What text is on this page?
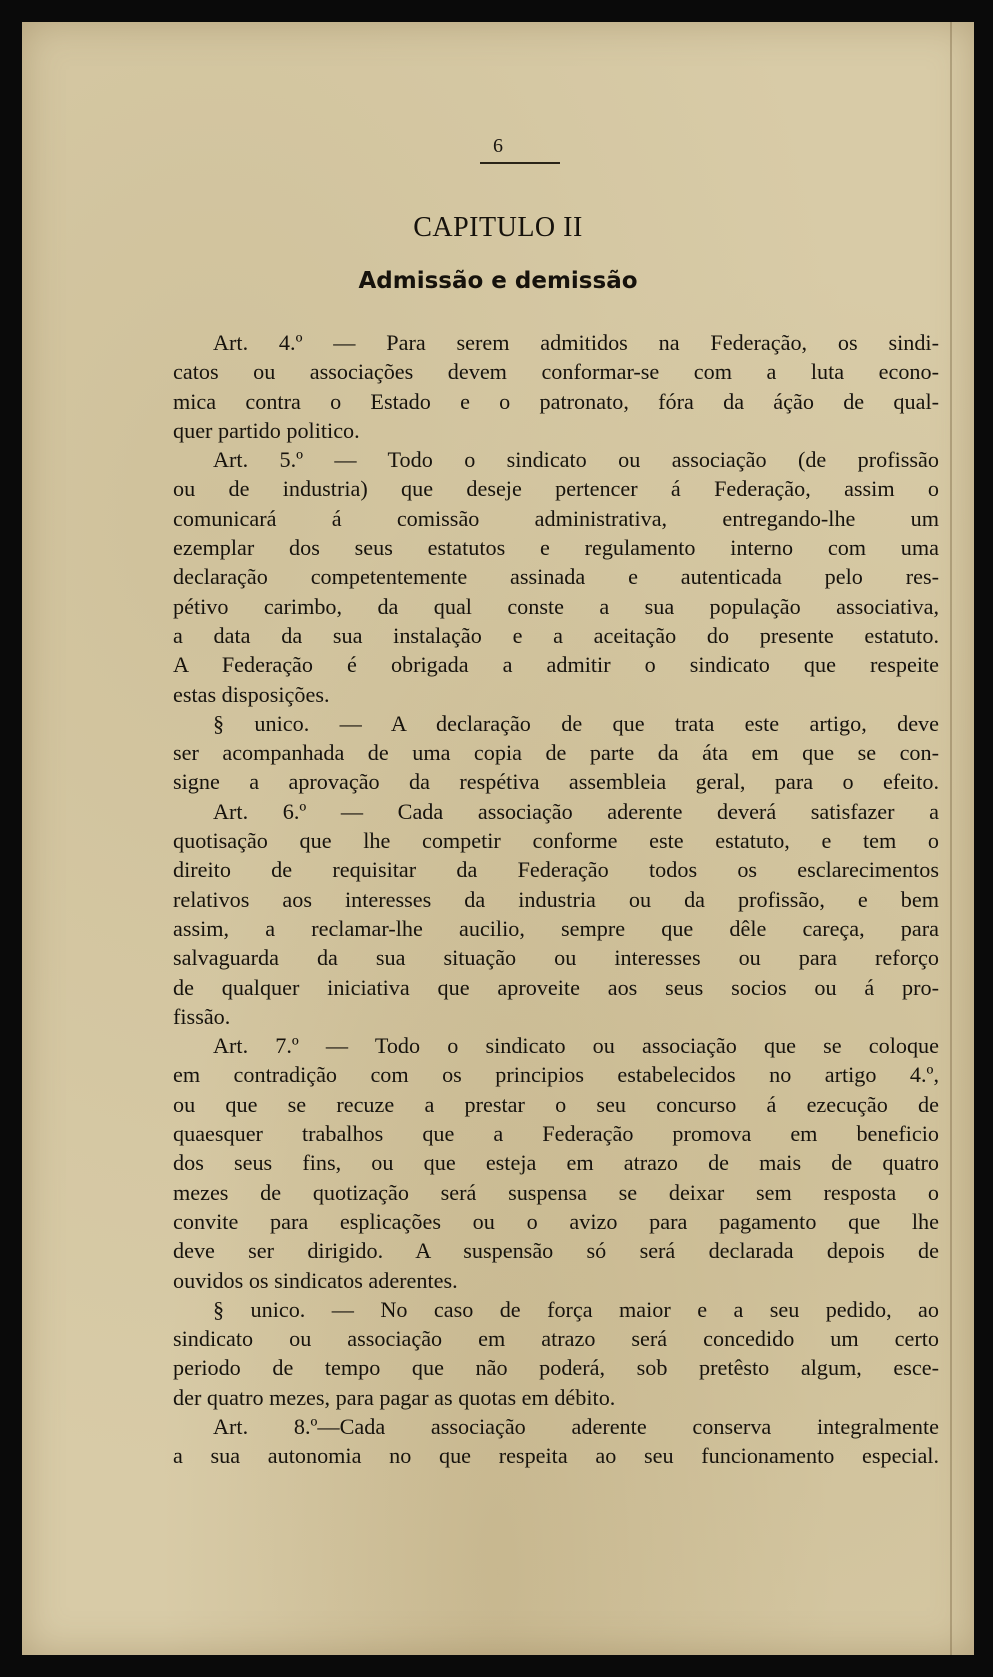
6
CAPITULO II
Admissão e demissão
Art. 4.º — Para serem admitidos na Federação, os sindi-
catos ou associações devem conformar-se com a luta econo-
mica contra o Estado e o patronato, fóra da áção de qual-
quer partido politico.
Art. 5.º — Todo o sindicato ou associação (de profissão
ou de industria) que deseje pertencer á Federação, assim o
comunicará á comissão administrativa, entregando-lhe um
ezemplar dos seus estatutos e regulamento interno com uma
declaração competentemente assinada e autenticada pelo res-
pétivo carimbo, da qual conste a sua população associativa,
a data da sua instalação e a aceitação do presente estatuto.
A Federação é obrigada a admitir o sindicato que respeite
estas disposições.
§ unico. — A declaração de que trata este artigo, deve
ser acompanhada de uma copia de parte da áta em que se con-
signe a aprovação da respétiva assembleia geral, para o efeito.
Art. 6.º — Cada associação aderente deverá satisfazer a
quotisação que lhe competir conforme este estatuto, e tem o
direito de requisitar da Federação todos os esclarecimentos
relativos aos interesses da industria ou da profissão, e bem
assim, a reclamar-lhe aucilio, sempre que dêle careça, para
salvaguarda da sua situação ou interesses ou para reforço
de qualquer iniciativa que aproveite aos seus socios ou á pro-
fissão.
Art. 7.º — Todo o sindicato ou associação que se coloque
em contradição com os principios estabelecidos no artigo 4.º,
ou que se recuze a prestar o seu concurso á ezecução de
quaesquer trabalhos que a Federação promova em beneficio
dos seus fins, ou que esteja em atrazo de mais de quatro
mezes de quotização será suspensa se deixar sem resposta o
convite para esplicações ou o avizo para pagamento que lhe
deve ser dirigido. A suspensão só será declarada depois de
ouvidos os sindicatos aderentes.
§ unico. — No caso de força maior e a seu pedido, ao
sindicato ou associação em atrazo será concedido um certo
periodo de tempo que não poderá, sob pretêsto algum, esce-
der quatro mezes, para pagar as quotas em débito.
Art. 8.º—Cada associação aderente conserva integralmente
a sua autonomia no que respeita ao seu funcionamento especial.
